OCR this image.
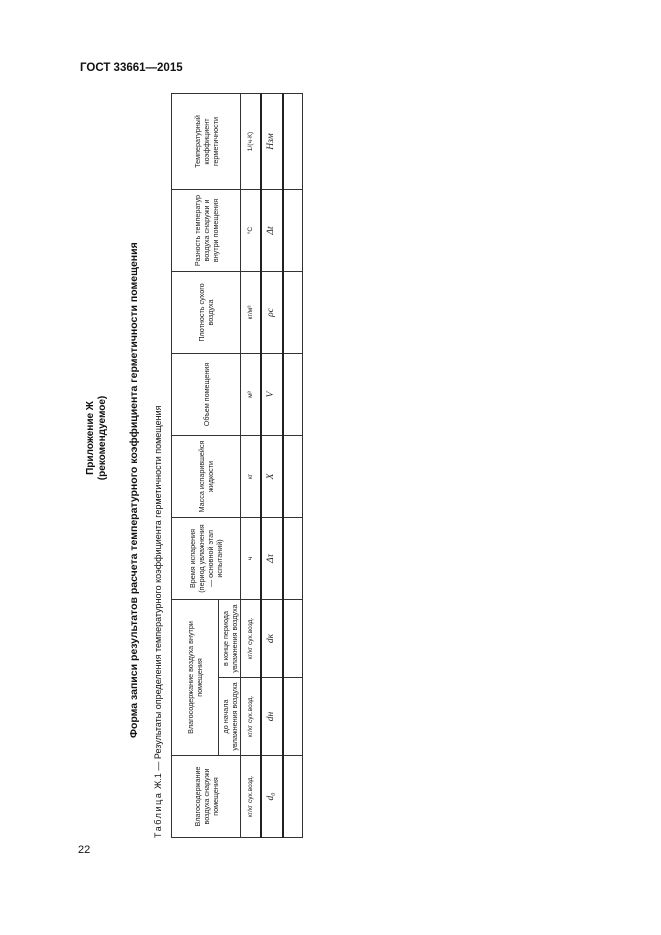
ГОСТ 33661—2015
Приложение Ж (рекомендуемое) Форма записи результатов расчета температурного коэффициента герметичности помещения
Таблица Ж.1 — Результаты определения температурного коэффициента герметичности помещения
Влагосодержание воздуха снаружи помещения	Влагосодержание воздуха внутри помещения		Время испарения (период увлажнения — основной этап испытаний)	Масса испарившейся жидкости	Объем помещения	Плотность сухого воздуха	Разность температур воздуха снаружи и внутри помещения	Температурный коэффициент герметичности
	до начала увлажнения воздуха	в конце периода увлажнения воздуха						
кг/кг сух.возд.	кг/кг сух.возд.	кг/кг сух.возд.	ч	кг	м³	кг/м³	°С	1/(ч·К)
d₀	dн	dк	Δτ	X	V	ρс	Δt	Hзм

22
